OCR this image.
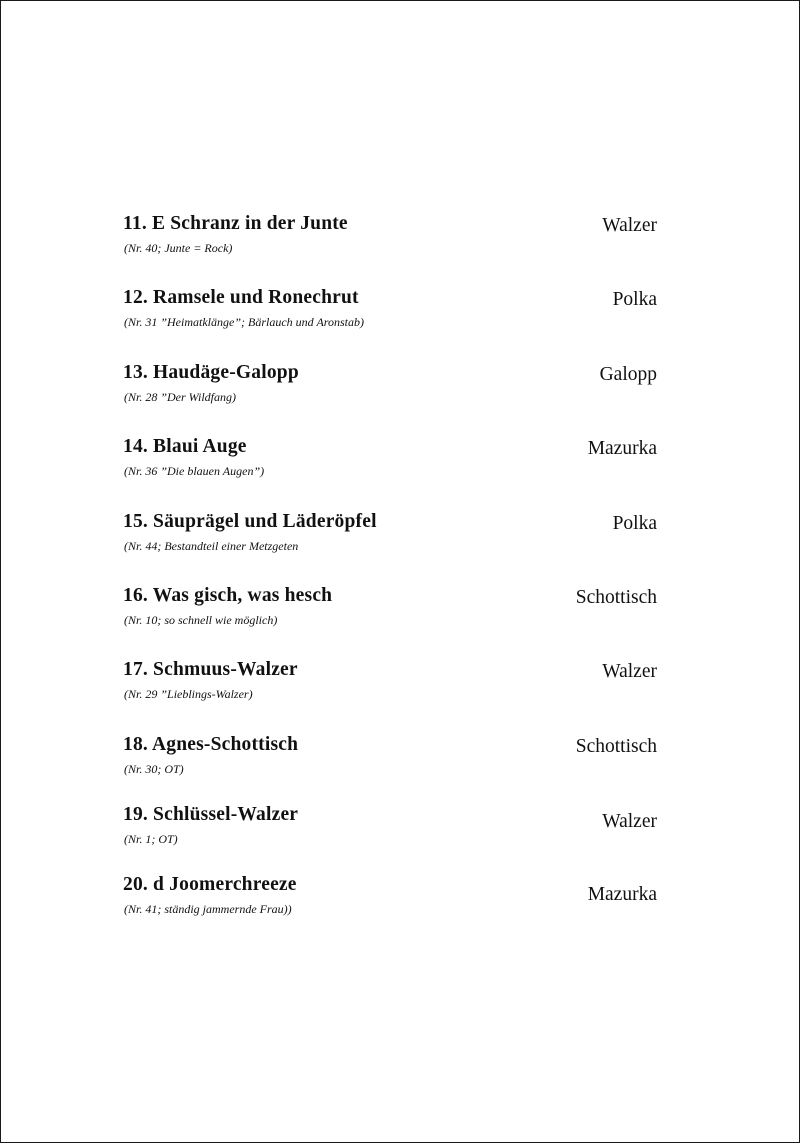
11. E Schranz in der Junte
(Nr. 40; Junte = Rock)
Walzer
12. Ramsele und Ronechrut
(Nr. 31 ”Heimatklänge”; Bärlauch und Aronstab)
Polka
13. Haudäge-Galopp
(Nr. 28 ”Der Wildfang)
Galopp
14. Blaui Auge
(Nr. 36 ”Die blauen Augen”)
Mazurka
15. Säuprägel und Läderöpfel
(Nr. 44; Bestandteil einer Metzgeten
Polka
16. Was gisch, was hesch
(Nr. 10; so schnell wie möglich)
Schottisch
17. Schmuus-Walzer
(Nr. 29 ”Lieblings-Walzer)
Walzer
18. Agnes-Schottisch
(Nr. 30; OT)
Schottisch
19. Schlüssel-Walzer
(Nr. 1; OT)
Walzer
20. d Joomerchreeze
(Nr. 41; ständig jammernde Frau))
Mazurka
